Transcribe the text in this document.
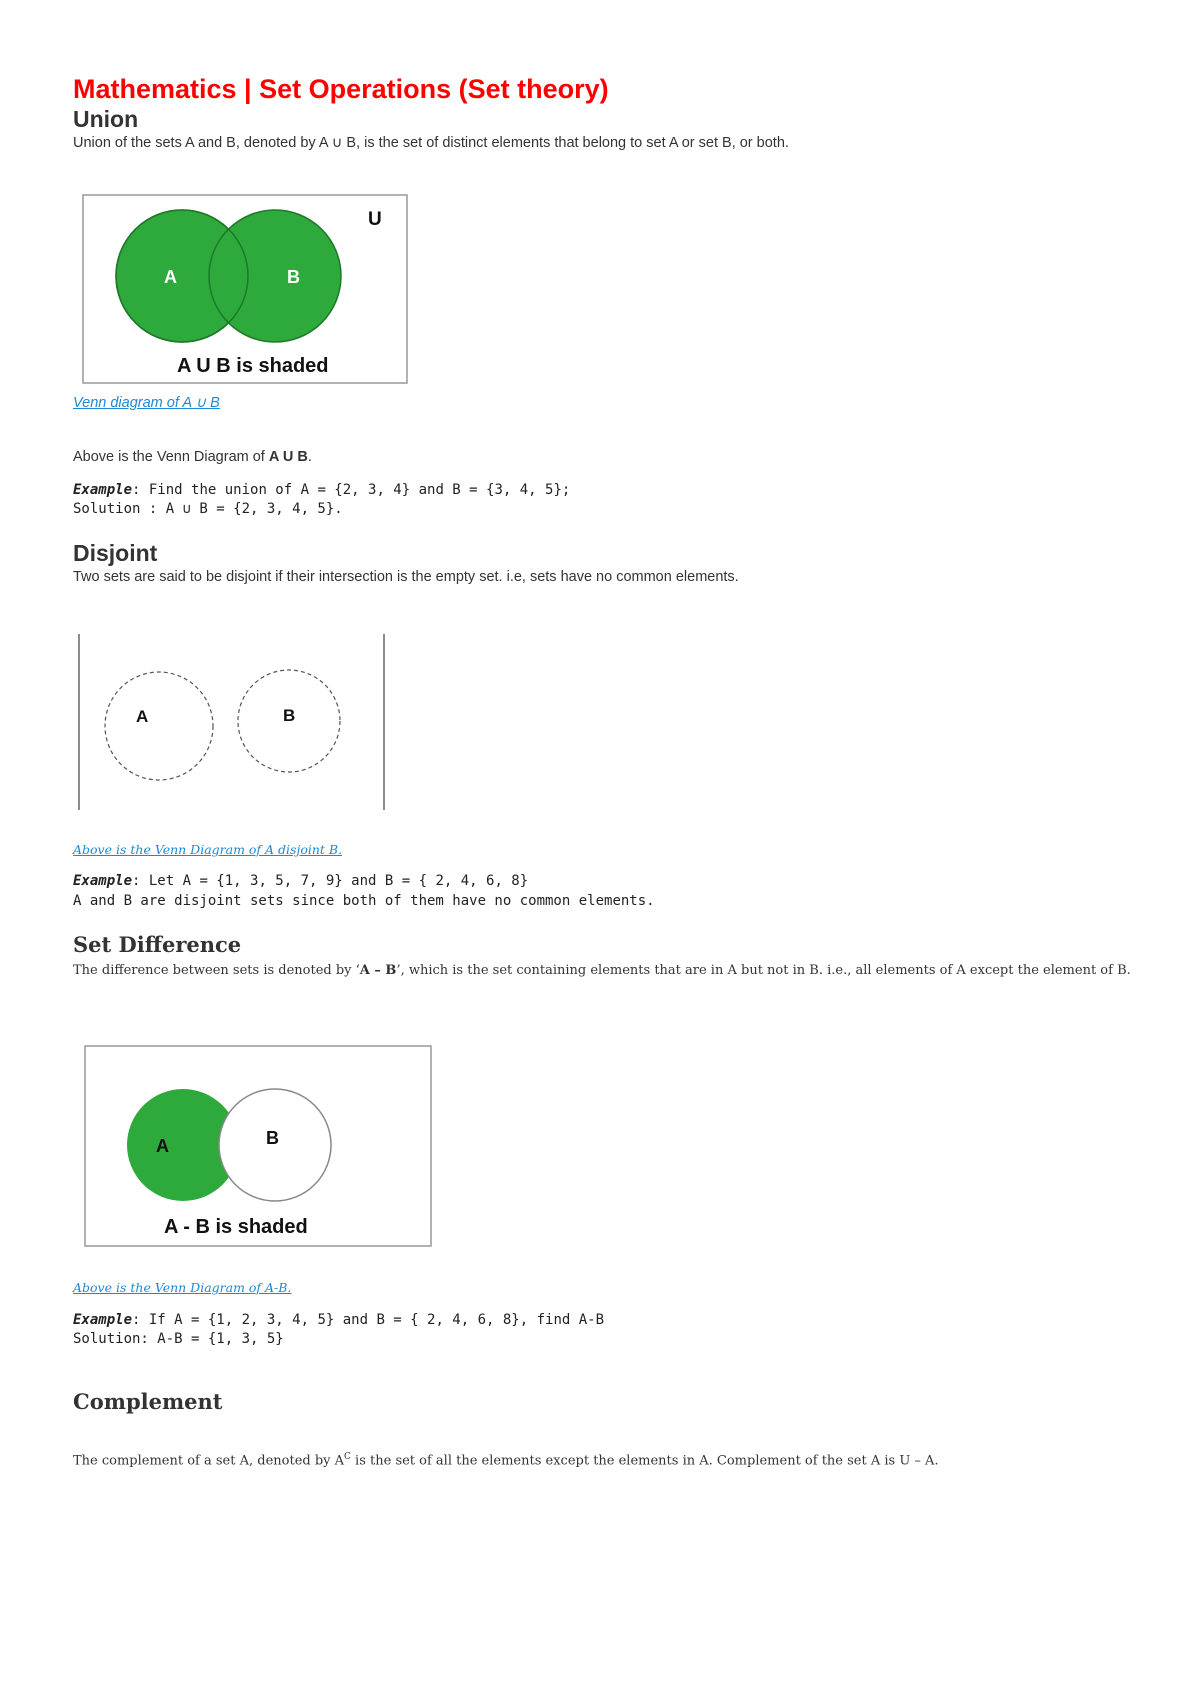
Mathematics | Set Operations (Set theory)
Union
Union of the sets A and B, denoted by A ∪ B, is the set of distinct elements that belong to set A or set B, or both.
A	B
U
A U B is shaded
Venn diagram of A ∪ B
Above is the Venn Diagram of A U B.
Example: Find the union of A = {2, 3, 4} and B = {3, 4, 5};
Solution : A ∪ B = {2, 3, 4, 5}.
Disjoint
Two sets are said to be disjoint if their intersection is the empty set. i.e, sets have no common elements.
A	B
Above is the Venn Diagram of A disjoint B.
Example: Let A = {1, 3, 5, 7, 9} and B = { 2, 4, 6, 8}
A and B are disjoint sets since both of them have no common elements.
Set Difference
The difference between sets is denoted by ‘A – B’, which is the set containing elements that are in A but not in B. i.e., all elements of A except the element of B.
A	B
A - B is shaded
Above is the Venn Diagram of A-B.
Example: If A = {1, 2, 3, 4, 5} and B = { 2, 4, 6, 8}, find A-B
Solution: A-B = {1, 3, 5}
Complement
The complement of a set A, denoted by $A^C$ is the set of all the elements except the elements in A. Complement of the set A is U – A.
